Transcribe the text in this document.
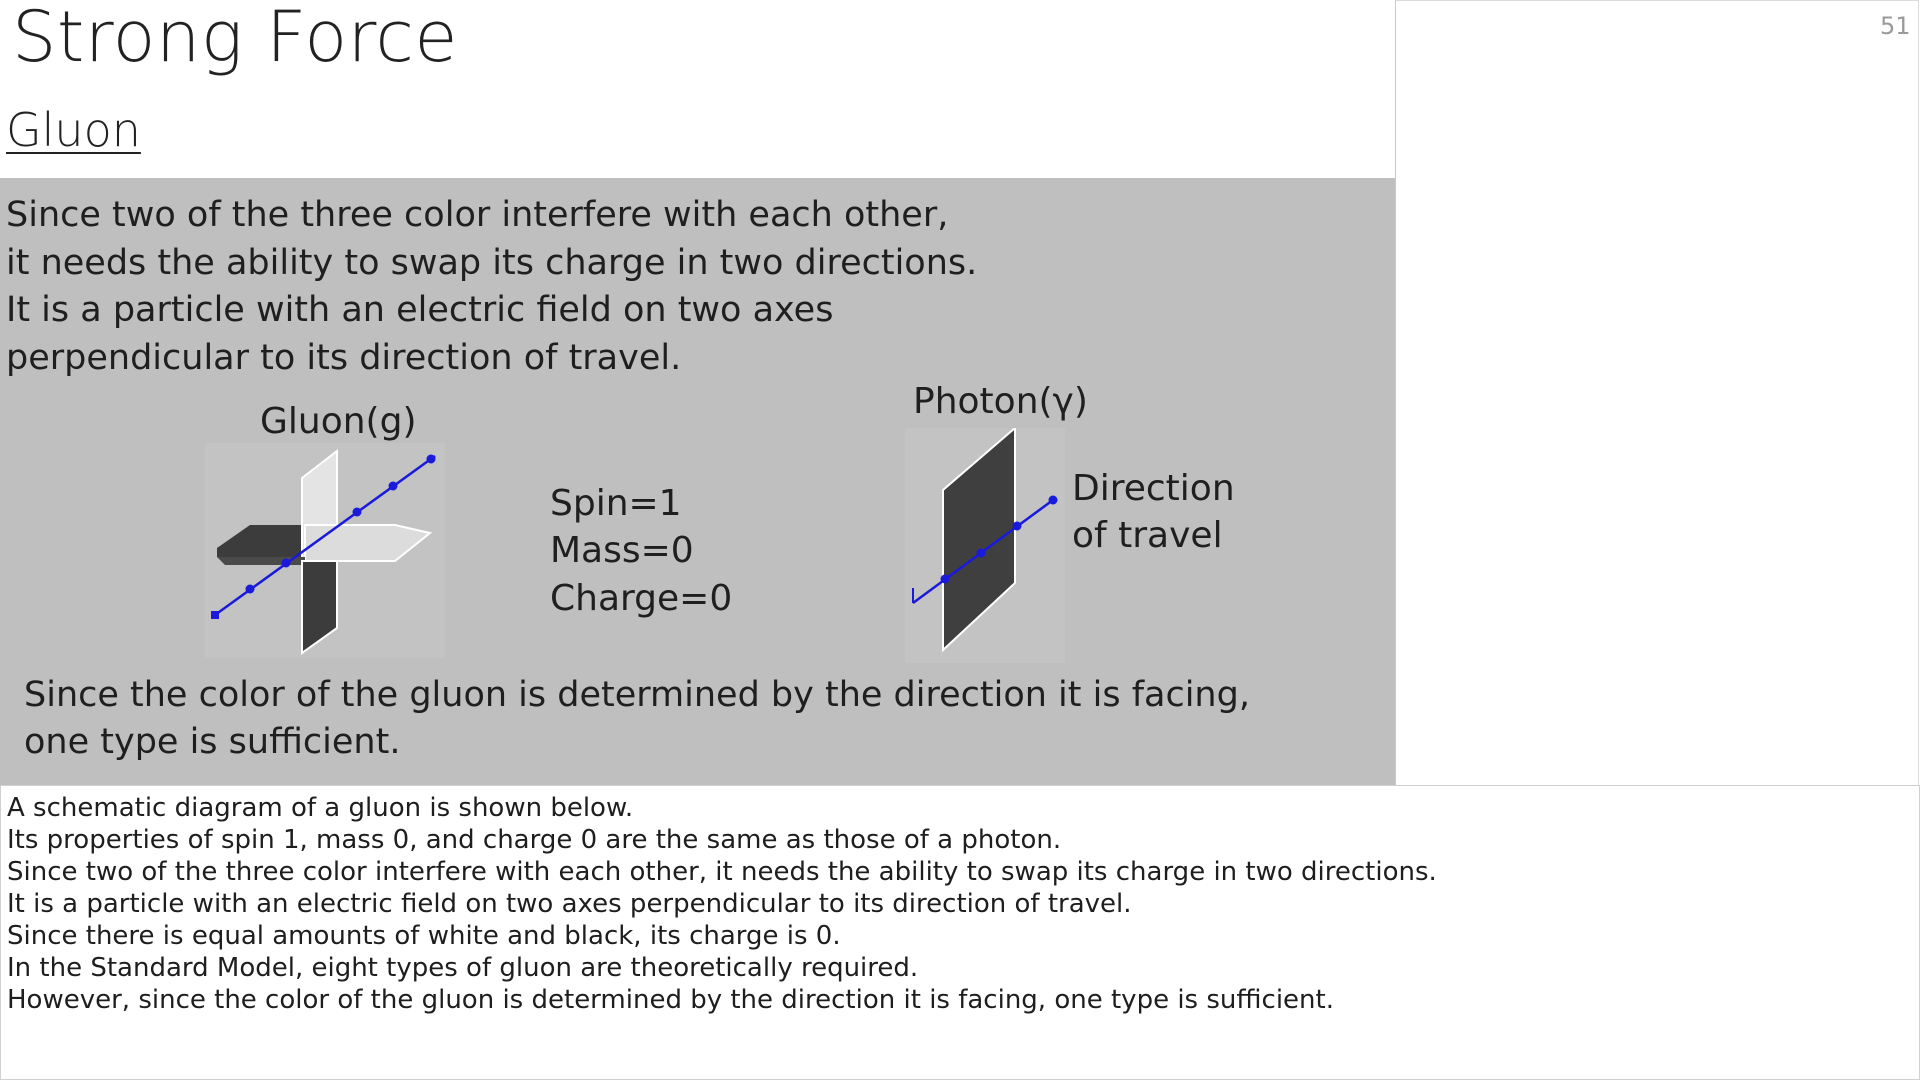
Strong Force
Gluon
51
Since two of the three color interfere with each other,
it needs the ability to swap its charge in two directions.
It is a particle with an electric field on two axes
perpendicular to its direction of travel.
Gluon(g)	Photon(γ)
Spin=1
Mass=0
Charge=0
Direction
of travel
Since the color of the gluon is determined by the direction it is facing,
one type is sufficient.
A schematic diagram of a gluon is shown below.
Its properties of spin 1, mass 0, and charge 0 are the same as those of a photon.
Since two of the three color interfere with each other, it needs the ability to swap its charge in two directions.
It is a particle with an electric field on two axes perpendicular to its direction of travel.
Since there is equal amounts of white and black, its charge is 0.
In the Standard Model, eight types of gluon are theoretically required.
However, since the color of the gluon is determined by the direction it is facing, one type is sufficient.
